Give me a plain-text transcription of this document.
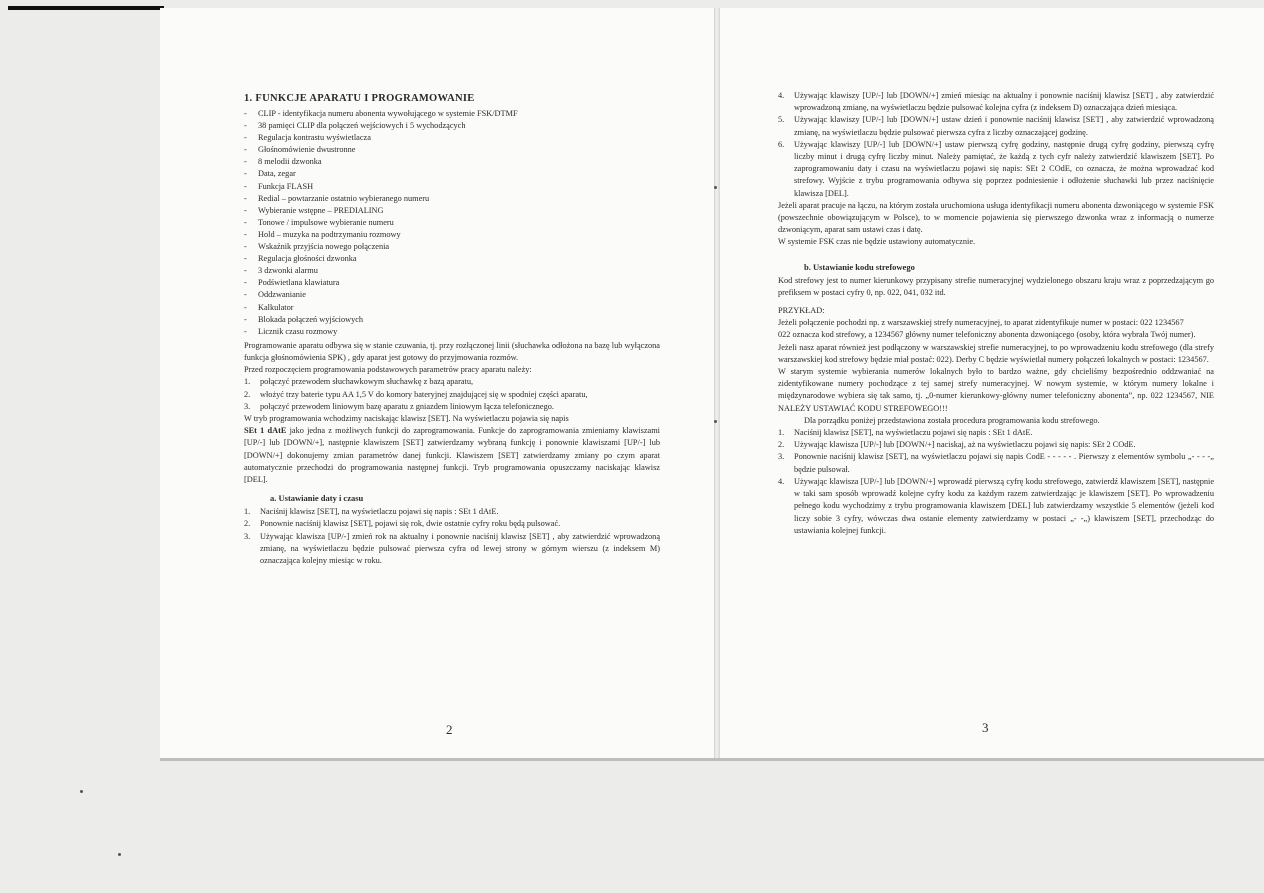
1. FUNKCJE APARATU I PROGRAMOWANIE
- CLIP - identyfikacja numeru abonenta wywołującego w systemie FSK/DTMF
- 38 pamięci CLIP dla połączeń wejściowych i 5 wychodzących
- Regulacja kontrastu wyświetlacza
- Głośnomówienie dwustronne
- 8 melodii dzwonka
- Data, zegar
- Funkcja FLASH
- Redial – powtarzanie ostatnio wybieranego numeru
- Wybieranie wstępne – PREDIALING
- Tonowe / impulsowe wybieranie numeru
- Hold – muzyka na podtrzymaniu rozmowy
- Wskaźnik przyjścia nowego połączenia
- Regulacja głośności dzwonka
- 3 dzwonki alarmu
- Podświetlana klawiatura
- Oddzwanianie
- Kalkulator
- Blokada połączeń wyjściowych
- Licznik czasu rozmowy

Programowanie aparatu odbywa się w stanie czuwania, tj. przy rozłączonej linii (słuchawka odłożona na bazę lub wyłączona funkcja głośnomówienia SPK) , gdy aparat jest gotowy do przyjmowania rozmów.

Przed rozpoczęciem programowania podstawowych parametrów pracy aparatu należy:

1.	połączyć przewodem słuchawkowym słuchawkę z bazą aparatu,
2.	włożyć trzy baterie typu AA 1,5 V do komory bateryjnej znajdującej się w spodniej części aparatu,
3.	połączyć przewodem liniowym bazę aparatu z gniazdem liniowym łącza telefonicznego.

W tryb programowania wchodzimy naciskając klawisz [SET]. Na wyświetlaczu pojawia się napis

SEt 1 dAtE jako jedna z możliwych funkcji do zaprogramowania. Funkcje do zaprogramowania zmieniamy klawiszami [UP/-] lub [DOWN/+], następnie klawiszem [SET] zatwierdzamy wybraną funkcję i ponownie klawiszami [UP/-] lub [DOWN/+] dokonujemy zmian parametrów danej funkcji. Klawiszem [SET] zatwierdzamy zmiany po czym aparat automatycznie przechodzi do programowania następnej funkcji. Tryb programowania opuszczamy naciskając klawisz [DEL].

a. Ustawianie daty i czasu
1.	Naciśnij klawisz [SET], na wyświetlaczu pojawi się napis : SEt 1 dAtE.
2.	Ponownie naciśnij klawisz [SET], pojawi się rok, dwie ostatnie cyfry roku będą pulsować.
3.	Używając klawisza [UP/-] zmień rok na aktualny i ponownie naciśnij klawisz [SET] , aby zatwierdzić wprowadzoną zmianę, na wyświetlaczu będzie pulsować pierwsza cyfra od lewej strony w górnym wierszu (z indeksem M) oznaczająca kolejny miesiąc w roku.
2
4.	Używając klawiszy [UP/-] lub [DOWN/+] zmień miesiąc na aktualny i ponownie naciśnij klawisz [SET] , aby zatwierdzić wprowadzoną zmianę, na wyświetlaczu będzie pulsować kolejna cyfra (z indeksem D) oznaczająca dzień miesiąca.
5.	Używając klawiszy [UP/-] lub [DOWN/+] ustaw dzień i ponownie naciśnij klawisz [SET] , aby zatwierdzić wprowadzoną zmianę, na wyświetlaczu będzie pulsować pierwsza cyfra z liczby oznaczającej godzinę.
6.	Używając klawiszy [UP/-] lub [DOWN/+] ustaw pierwszą cyfrę godziny, następnie drugą cyfrę godziny, pierwszą cyfrę liczby minut i drugą cyfrę liczby minut. Należy pamiętać, że każdą z tych cyfr należy zatwierdzić klawiszem [SET]. Po zaprogramowaniu daty i czasu na wyświetlaczu pojawi się napis: SEt 2 COdE, co oznacza, że można wprowadzać kod strefowy. Wyjście z trybu programowania odbywa się poprzez podniesienie i odłożenie słuchawki lub przez naciśnięcie klawisza [DEL].

Jeżeli aparat pracuje na łączu, na którym została uruchomiona usługa identyfikacji numeru abonenta dzwoniącego w systemie FSK (powszechnie obowiązującym w Polsce), to w momencie pojawienia się pierwszego dzwonka wraz z informacją o numerze dzwoniącym, aparat sam ustawi czas i datę.

W systemie FSK czas nie będzie ustawiony automatycznie.

b. Ustawianie kodu strefowego

Kod strefowy jest to numer kierunkowy przypisany strefie numeracyjnej wydzielonego obszaru kraju wraz z poprzedzającym go prefiksem w postaci cyfry 0, np. 022, 041, 032 itd.

PRZYKŁAD:

Jeżeli połączenie pochodzi np. z warszawskiej strefy numeracyjnej, to aparat zidentyfikuje numer w postaci: 022 1234567

022 oznacza kod strefowy, a 1234567 główny numer telefoniczny abonenta dzwoniącego (osoby, która wybrała Twój numer).

Jeżeli nasz aparat również jest podłączony w warszawskiej strefie numeracyjnej, to po wprowadzeniu kodu strefowego (dla strefy warszawskiej kod strefowy będzie miał postać: 022). Derby C będzie wyświetlał numery połączeń lokalnych w postaci: 1234567.

W starym systemie wybierania numerów lokalnych było to bardzo ważne, gdy chcieliśmy bezpośrednio oddzwaniać na zidentyfikowane numery pochodzące z tej samej strefy numeracyjnej. W nowym systemie, w którym numery lokalne i międzynarodowe wybiera się tak samo, tj. „0-numer kierunkowy-główny numer telefoniczny abonenta”, np. 022 1234567, NIE NALEŻY USTAWIAĆ KODU STREFOWEGO!!!

Dla porządku poniżej przedstawiona została procedura programowania kodu strefowego.

1.	Naciśnij klawisz [SET], na wyświetlaczu pojawi się napis : SEt 1 dAtE.
2.	Używając klawisza [UP/-] lub [DOWN/+] naciskaj, aż na wyświetlaczu pojawi się napis: SEt 2 COdE.
3.	Ponownie naciśnij klawisz [SET], na wyświetlaczu pojawi się napis CodE - - - - - . Pierwszy z elementów symbolu „- - - -„ będzie pulsował.
4.	Używając klawisza [UP/-] lub [DOWN/+] wprowadź pierwszą cyfrę kodu strefowego, zatwierdź klawiszem [SET], następnie w taki sam sposób wprowadź kolejne cyfry kodu za każdym razem zatwierdzając je klawiszem [SET]. Po wprowadzeniu pełnego kodu wychodzimy z trybu programowania klawiszem [DEL] lub zatwierdzamy wszystkie 5 elementów (jeżeli kod liczy sobie 3 cyfry, wówczas dwa ostanie elementy zatwierdzamy w postaci „- -„) klawiszem [SET], przechodząc do ustawiania kolejnej funkcji.
3
